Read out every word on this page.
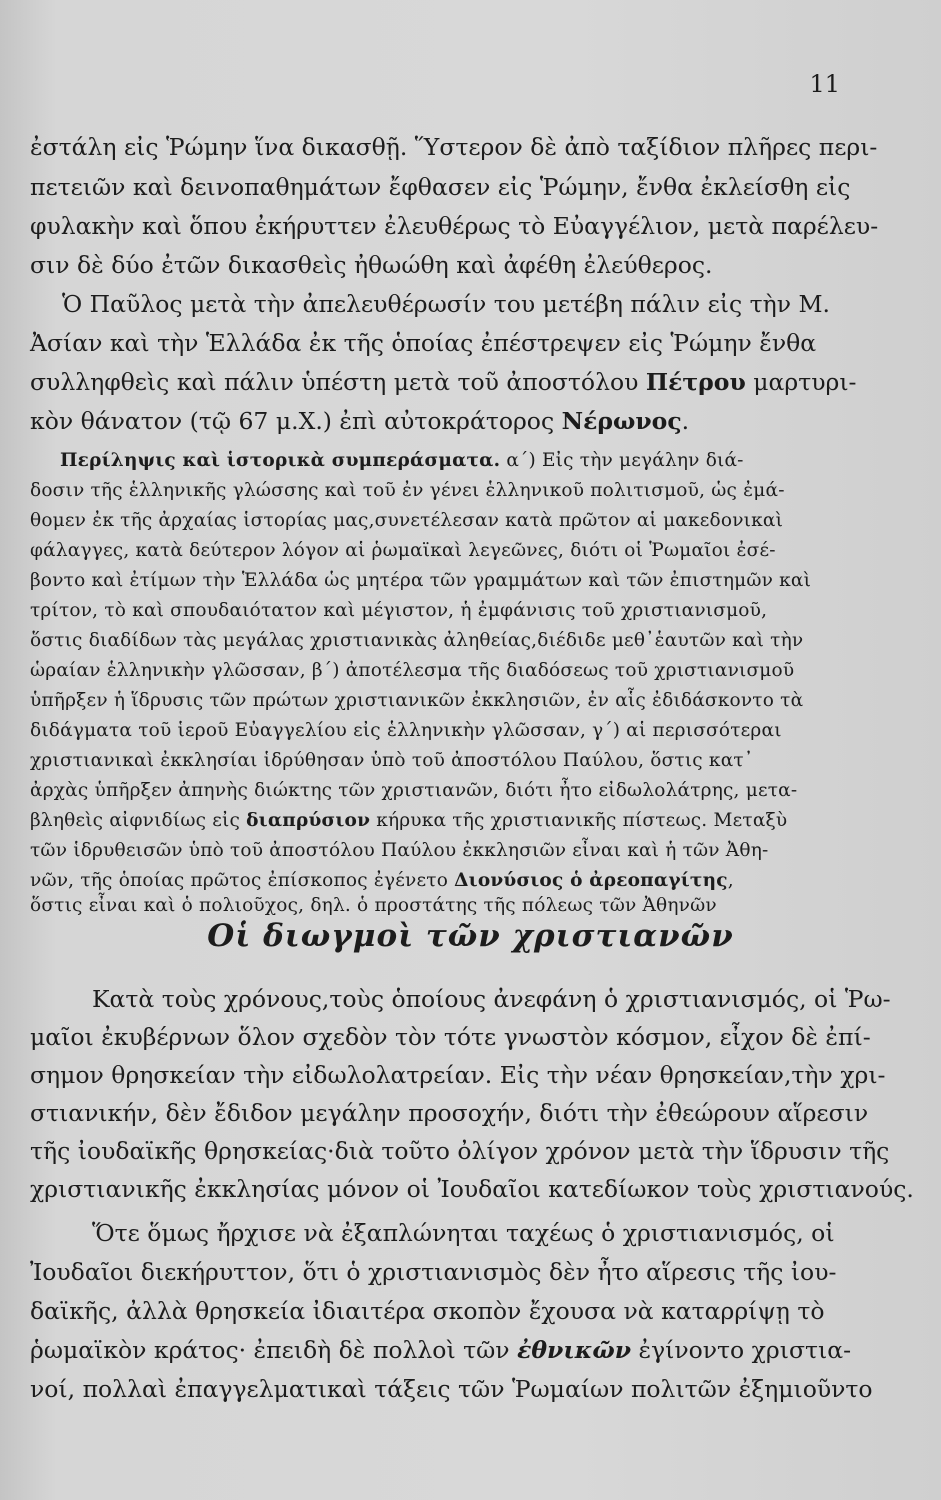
11
ἐστάλη εἰς Ῥώμην ἵνα δικασθῇ. Ὕστερον δὲ ἀπὸ ταξίδιον πλῆρες περι-
πετειῶν καὶ δεινοπαθημάτων ἔφθασεν εἰς Ῥώμην, ἔνθα ἐκλείσθη εἰς
φυλακὴν καὶ ὅπου ἐκήρυττεν ἐλευθέρως τὸ Εὐαγγέλιον, μετὰ παρέλευ-
σιν δὲ δύο ἐτῶν δικασθεὶς ἠθωώθη καὶ ἀφέθη ἐλεύθερος.
Ὁ Παῦλος μετὰ τὴν ἀπελευθέρωσίν του μετέβη πάλιν εἰς τὴν Μ.
Ἀσίαν καὶ τὴν Ἑλλάδα ἐκ τῆς ὁποίας ἐπέστρεψεν εἰς Ῥώμην ἔνθα
συλληφθεὶς καὶ πάλιν ὑπέστη μετὰ τοῦ ἀποστόλου Πέτρου μαρτυρι-
κὸν θάνατον (τῷ 67 μ.Χ.) ἐπὶ αὐτοκράτορος Νέρωνος.
Περίληψις καὶ ἱστορικὰ συμπεράσματα. α΄) Εἰς τὴν μεγάλην διά-
δοσιν τῆς ἑλληνικῆς γλώσσης καὶ τοῦ ἐν γένει ἑλληνικοῦ πολιτισμοῦ, ὡς ἐμά-
θομεν ἐκ τῆς ἀρχαίας ἱστορίας μας,συνετέλεσαν κατὰ πρῶτον αἱ μακεδονικαὶ
φάλαγγες, κατὰ δεύτερον λόγον αἱ ῥωμαϊκαὶ λεγεῶνες, διότι οἱ Ῥωμαῖοι ἐσέ-
βοντο καὶ ἐτίμων τὴν Ἑλλάδα ὡς μητέρα τῶν γραμμάτων καὶ τῶν ἐπιστημῶν καὶ
τρίτον, τὸ καὶ σπουδαιότατον καὶ μέγιστον, ἡ ἐμφάνισις τοῦ χριστιανισμοῦ,
ὅστις διαδίδων τὰς μεγάλας χριστιανικὰς ἀληθείας,διέδιδε μεθ᾿ἑαυτῶν καὶ τὴν
ὡραίαν ἑλληνικὴν γλῶσσαν, β΄) ἀποτέλεσμα τῆς διαδόσεως τοῦ χριστιανισμοῦ
ὑπῆρξεν ἡ ἵδρυσις τῶν πρώτων χριστιανικῶν ἐκκλησιῶν, ἐν αἷς ἐδιδάσκοντο τὰ
διδάγματα τοῦ ἱεροῦ Εὐαγγελίου εἰς ἑλληνικὴν γλῶσσαν, γ΄) αἱ περισσότεραι
χριστιανικαὶ ἐκκλησίαι ἱδρύθησαν ὑπὸ τοῦ ἀποστόλου Παύλου, ὅστις κατ᾿
ἀρχὰς ὑπῆρξεν ἀπηνὴς διώκτης τῶν χριστιανῶν, διότι ἦτο εἰδωλολάτρης, μετα-
βληθεὶς αἰφνιδίως εἰς διαπρύσιον κήρυκα τῆς χριστιανικῆς πίστεως. Μεταξὺ
τῶν ἱδρυθεισῶν ὑπὸ τοῦ ἀποστόλου Παύλου ἐκκλησιῶν εἶναι καὶ ἡ τῶν Ἀθη-
νῶν, τῆς ὁποίας πρῶτος ἐπίσκοπος ἐγένετο Διονύσιος ὁ ἀρεοπαγίτης,
ὅστις εἶναι καὶ ὁ πολιοῦχος, δηλ. ὁ προστάτης τῆς πόλεως τῶν Ἀθηνῶν
Οἱ διωγμοὶ τῶν χριστιανῶν
Κατὰ τοὺς χρόνους,τοὺς ὁποίους ἀνεφάνη ὁ χριστιανισμός, οἱ Ῥω-
μαῖοι ἐκυβέρνων ὅλον σχεδὸν τὸν τότε γνωστὸν κόσμον, εἶχον δὲ ἐπί-
σημον θρησκείαν τὴν εἰδωλολατρείαν. Εἰς τὴν νέαν θρησκείαν,τὴν χρι-
στιανικήν, δὲν ἔδιδον μεγάλην προσοχήν, διότι τὴν ἐθεώρουν αἵρεσιν
τῆς ἰουδαϊκῆς θρησκείας·διὰ τοῦτο ὀλίγον χρόνον μετὰ τὴν ἵδρυσιν τῆς
χριστιανικῆς ἐκκλησίας μόνον οἱ Ἰουδαῖοι κατεδίωκον τοὺς χριστιανούς.
Ὅτε ὅμως ἤρχισε νὰ ἐξαπλώνηται ταχέως ὁ χριστιανισμός, οἱ
Ἰουδαῖοι διεκήρυττον, ὅτι ὁ χριστιανισμὸς δὲν ἦτο αἵρεσις τῆς ἰου-
δαϊκῆς, ἀλλὰ θρησκεία ἰδιαιτέρα σκοπὸν ἔχουσα νὰ καταρρίψῃ τὸ
ῥωμαϊκὸν κράτος· ἐπειδὴ δὲ πολλοὶ τῶν ἐθνικῶν ἐγίνοντο χριστια-
νοί, πολλαὶ ἐπαγγελματικαὶ τάξεις τῶν Ῥωμαίων πολιτῶν ἐξημιοῦντο
